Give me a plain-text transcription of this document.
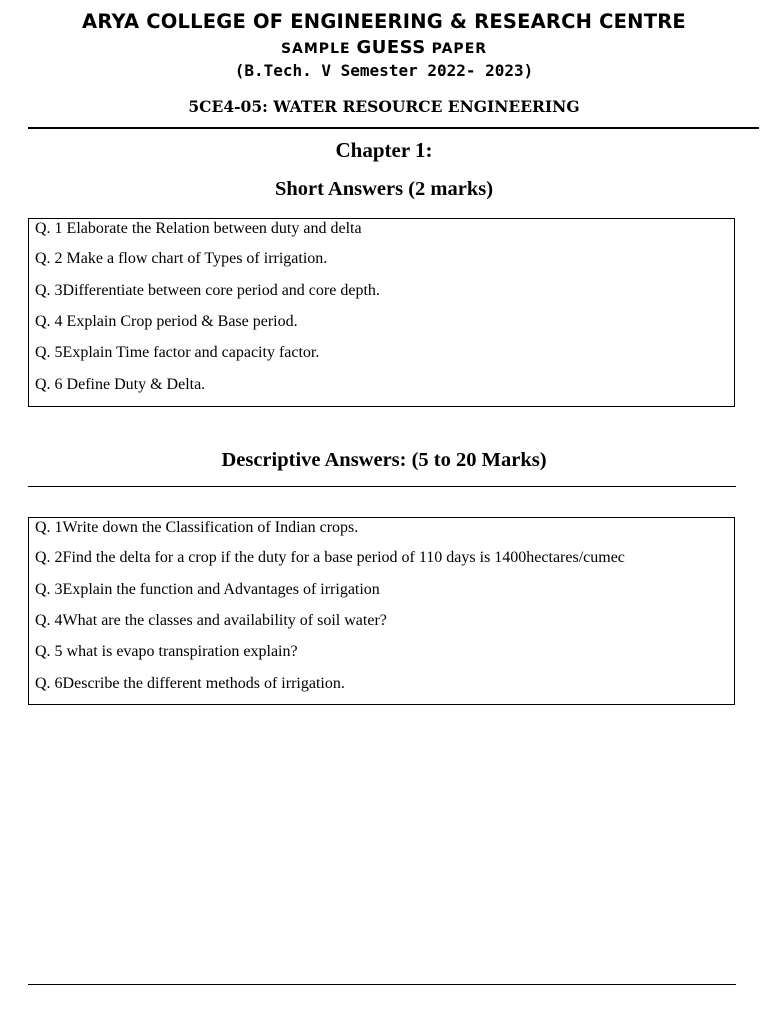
ARYA COLLEGE OF ENGINEERING & RESEARCH CENTRE
SAMPLE GUESS PAPER
(B.Tech. V Semester 2022- 2023)
5CE4-05: WATER RESOURCE ENGINEERING
Chapter 1:
Short Answers (2 marks)
Q. 1 Elaborate the Relation between duty and delta
Q. 2 Make a flow chart of Types of irrigation.
Q. 3Differentiate between core period and core depth.
Q. 4 Explain Crop period & Base period.
Q. 5Explain Time factor and capacity factor.
Q. 6 Define Duty & Delta.
Descriptive Answers: (5 to 20 Marks)
Q. 1Write down the Classification of Indian crops.
Q. 2Find the delta for a crop if the duty for a base period of 110 days is 1400hectares/cumec
Q. 3Explain the function and Advantages of irrigation
Q. 4What are the classes and availability of soil water?
Q. 5 what is evapo transpiration explain?
Q. 6Describe the different methods of irrigation.
